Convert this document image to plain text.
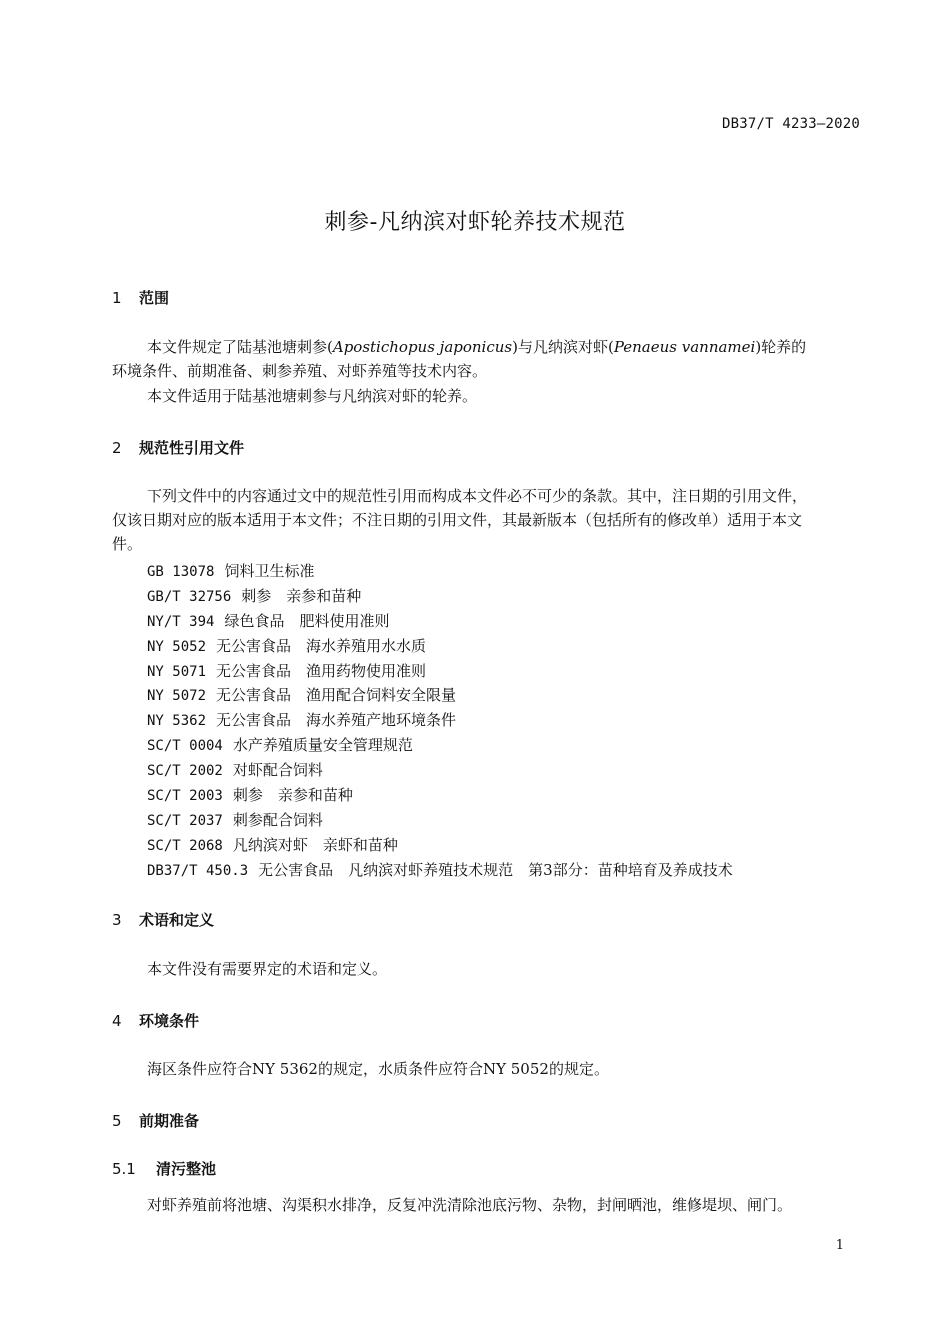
DB37/T 4233—2020
刺参-凡纳滨对虾轮养技术规范
1 范围
本文件规定了陆基池塘刺参(Apostichopus japonicus)与凡纳滨对虾(Penaeus vannamei)轮养的
环境条件、前期准备、刺参养殖、对虾养殖等技术内容。
本文件适用于陆基池塘刺参与凡纳滨对虾的轮养。
2 规范性引用文件
下列文件中的内容通过文中的规范性引用而构成本文件必不可少的条款。其中，注日期的引用文件，
仅该日期对应的版本适用于本文件；不注日期的引用文件，其最新版本（包括所有的修改单）适用于本文
件。
GB 13078 饲料卫生标准
GB/T 32756 刺参　亲参和苗种
NY/T 394 绿色食品　肥料使用准则
NY 5052 无公害食品　海水养殖用水水质
NY 5071 无公害食品　渔用药物使用准则
NY 5072 无公害食品　渔用配合饲料安全限量
NY 5362 无公害食品　海水养殖产地环境条件
SC/T 0004 水产养殖质量安全管理规范
SC/T 2002 对虾配合饲料
SC/T 2003 刺参　亲参和苗种
SC/T 2037 刺参配合饲料
SC/T 2068 凡纳滨对虾　亲虾和苗种
DB37/T 450.3 无公害食品　凡纳滨对虾养殖技术规范　第3部分：苗种培育及养成技术
3 术语和定义
本文件没有需要界定的术语和定义。
4 环境条件
海区条件应符合NY 5362的规定，水质条件应符合NY 5052的规定。
5 前期准备
5.1 清污整池
对虾养殖前将池塘、沟渠积水排净，反复冲洗清除池底污物、杂物，封闸晒池，维修堤坝、闸门。
1
